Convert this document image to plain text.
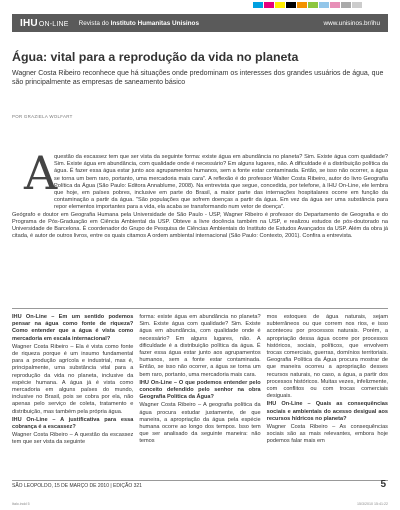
IHUON-LINE Revista do Instituto Humanitas Unisinos	www.unisinos.br/ihu
Água: vital para a reprodução da vida no planeta

Wagner Costa Ribeiro reconhece que há situações onde predominam os interesses dos grandes usuários de água, que são principalmente as empresas de saneamento básico

POR GRAZIELA WOLFART
A

questão da escassez tem que ser vista da seguinte forma: existe água em abundância no planeta? Sim. Existe água com qualidade? Sim. Existe água em abundância, com qualidade onde é necessário? Em alguns lugares, não. A dificuldade é a distribuição política da água. É fazer essa água estar junto aos agrupamentos humanos, sem a fonte estar contaminada. Então, se isso não ocorrer, a água se torna um bem raro, portanto, uma mercadoria mais cara". A reflexão é do professor Walter Costa Ribeiro, autor do livro Geografia Política da Água (São Paulo: Editora Annablume, 2008). Na entrevista que segue, concedida, por telefone, à IHU On-Line, ele lembra que hoje, em países pobres, inclusive em parte do Brasil, a maior parte das internações hospitalares ocorre em função da contaminação a partir da água. "São populações que sofrem doenças a partir da água. Em vez da água ser uma substância para repor elementos importantes para a vida, ela acaba se transformando num vetor de doença".

Geógrafo e doutor em Geografia Humana pela Universidade de São Paulo - USP, Wagner Ribeiro é professor do Departamento de Geografia e do Programa de Pós-Graduação em Ciência Ambiental da USP. Obteve a livre docência também na USP, e realizou estudos de pós-doutorado na Universidade de Barcelona. É coordenador do Grupo de Pesquisa de Ciências Ambientais do Instituto de Estudos Avançados da USP. Além da obra já citada, é autor de outros livros, entre os quais citamos A ordem ambiental internacional (São Paulo: Contexto, 2001). Confira a entrevista.

IHU On-Line – Em um sentido podemos pensar na água como fonte de riqueza? Como entender que a água é vista como mercadoria em escala internacional?

Wagner Costa Ribeiro – Ela é vista como fonte de riqueza porque é um insumo fundamental para a produção agrícola e industrial, mas é, principalmente, uma substância vital para a reprodução da vida no planeta, inclusive da espécie humana. A água já é vista como mercadoria em alguns países do mundo, inclusive no Brasil, pois se cobra por ela, não apenas pelo serviço de coleta, tratamento e distribuição, mas também pela própria água.

IHU On-Line – A justificativa para essa cobrança é a escassez?

Wagner Costa Ribeiro – A questão da escassez tem que ser vista da seguinte

forma: existe água em abundância no planeta? Sim. Existe água com qualidade? Sim. Existe água em abundância, com qualidade onde é necessário? Em alguns lugares, não. A dificuldade é a distribuição política da água. É fazer essa água estar junto aos agrupamentos humanos, sem a fonte estar contaminada. Então, se isso não ocorrer, a água se torna um bem raro, portanto, uma mercadoria mais cara.

IHU On-Line – O que podemos entender pelo conceito defendido pelo senhor na obra Geografia Política da Água?

Wagner Costa Ribeiro – A geografia política da água procura estudar justamente, de que maneira, a apropriação da água pela espécie humana ocorre ao longo dos tempos. Isso tem que ser analisado da seguinte maneira: não temos

mos estoques de água naturais, sejam subterrâneos ou que correm nos rios, e isso aconteceu por processos naturais. Porém, a apropriação dessa água ocorre por processos históricos, sociais, políticos, que envolvem trocas comerciais, guerras, domínios territoriais. Geografia Política da Água procura mostrar de que maneira ocorreu a apropriação desses recursos naturais, no caso, a água, a partir dos processos históricos. Muitas vezes, infelizmente, com conflitos ou com trocas comerciais desiguais.

IHU On-Line – Quais as consequências sociais e ambientais do acesso desigual aos recursos hídricos no planeta?

Wagner Costa Ribeiro – As consequências sociais são as mais relevantes, embora hoje podemos falar mais em

SÃO LEOPOLDO, 15 DE MARÇO DE 2010 | EDIÇÃO 321	5
Italo.indd 5	15/3/2010 15:41:22
